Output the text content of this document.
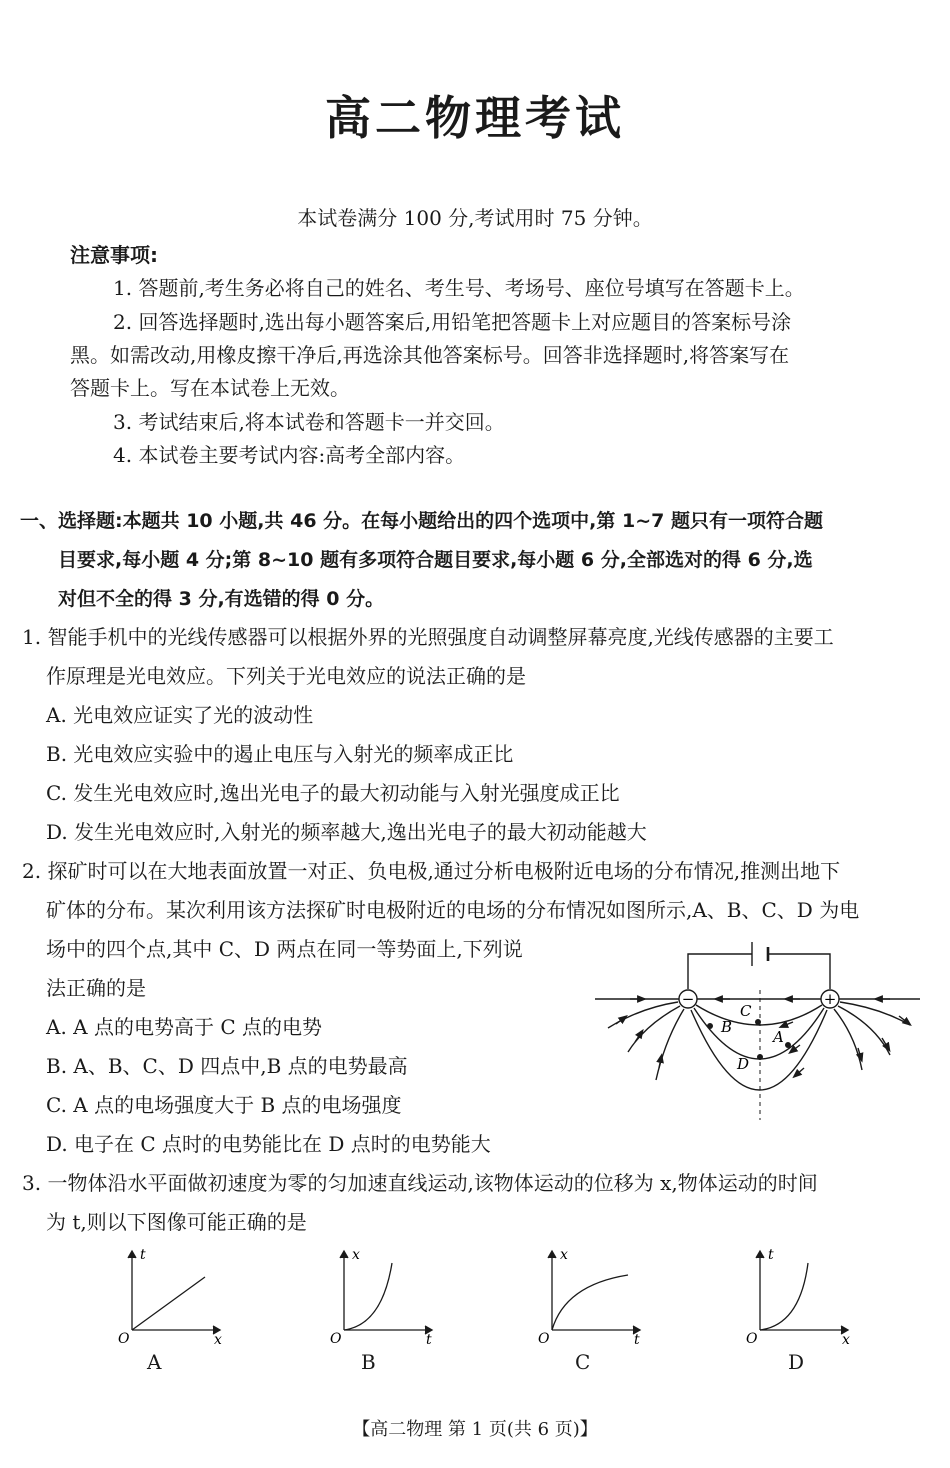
高二物理考试
本试卷满分 100 分,考试用时 75 分钟。
注意事项:
1. 答题前,考生务必将自己的姓名、考生号、考场号、座位号填写在答题卡上。
2. 回答选择题时,选出每小题答案后,用铅笔把答题卡上对应题目的答案标号涂
黑。如需改动,用橡皮擦干净后,再选涂其他答案标号。回答非选择题时,将答案写在
答题卡上。写在本试卷上无效。
3. 考试结束后,将本试卷和答题卡一并交回。
4. 本试卷主要考试内容:高考全部内容。
一、选择题:本题共 10 小题,共 46 分。在每小题给出的四个选项中,第 1~7 题只有一项符合题
目要求,每小题 4 分;第 8~10 题有多项符合题目要求,每小题 6 分,全部选对的得 6 分,选
对但不全的得 3 分,有选错的得 0 分。
1. 智能手机中的光线传感器可以根据外界的光照强度自动调整屏幕亮度,光线传感器的主要工
作原理是光电效应。下列关于光电效应的说法正确的是
A. 光电效应证实了光的波动性
B. 光电效应实验中的遏止电压与入射光的频率成正比
C. 发生光电效应时,逸出光电子的最大初动能与入射光强度成正比
D. 发生光电效应时,入射光的频率越大,逸出光电子的最大初动能越大
2. 探矿时可以在大地表面放置一对正、负电极,通过分析电极附近电场的分布情况,推测出地下
矿体的分布。某次利用该方法探矿时电极附近的电场的分布情况如图所示,A、B、C、D 为电
场中的四个点,其中 C、D 两点在同一等势面上,下列说
法正确的是
A. A 点的电势高于 C 点的电势
B. A、B、C、D 四点中,B 点的电势最高
C. A 点的电场强度大于 B 点的电场强度
D. 电子在 C 点时的电势能比在 D 点时的电势能大
−	+
A
B
C
D
3. 一物体沿水平面做初速度为零的匀加速直线运动,该物体运动的位移为 x,物体运动的时间
为 t,则以下图像可能正确的是
O
t
x
A
O
x
t
B
O
x
t
C
O
t
x
D
【高二物理 第 1 页(共 6 页)】
